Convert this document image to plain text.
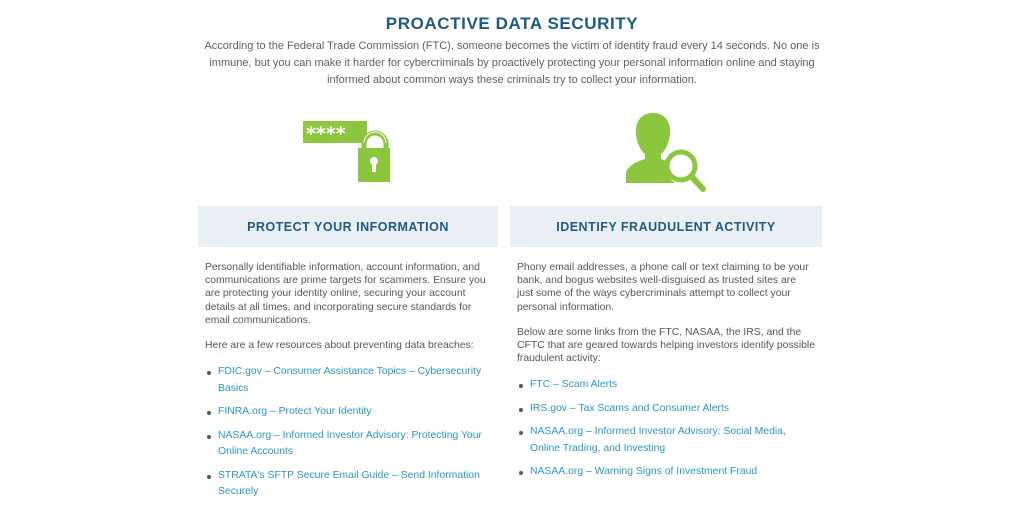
PROACTIVE DATA SECURITY

According to the Federal Trade Commission (FTC), someone becomes the victim of identity fraud every 14 seconds. No one is immune, but you can make it harder for cybercriminals by proactively protecting your personal information online and staying informed about common ways these criminals try to collect your information.

****
PROTECT YOUR INFORMATION

Personally identifiable information, account information, and communications are prime targets for scammers. Ensure you are protecting your identity online, securing your account details at all times, and incorporating secure standards for email communications.

Here are a few resources about preventing data breaches:

FDIC.gov – Consumer Assistance Topics – Cybersecurity Basics
FINRA.org – Protect Your Identity
NASAA.org – Informed Investor Advisory: Protecting Your Online Accounts
STRATA's SFTP Secure Email Guide – Send Information Securely
IDENTIFY FRAUDULENT ACTIVITY

Phony email addresses, a phone call or text claiming to be your bank, and bogus websites well-disguised as trusted sites are just some of the ways cybercriminals attempt to collect your personal information.

Below are some links from the FTC, NASAA, the IRS, and the CFTC that are geared towards helping investors identify possible fraudulent activity:

FTC – Scam Alerts
IRS.gov – Tax Scams and Consumer Alerts
NASAA.org – Informed Investor Advisory: Social Media, Online Trading, and Investing
NASAA.org – Warning Signs of Investment Fraud
